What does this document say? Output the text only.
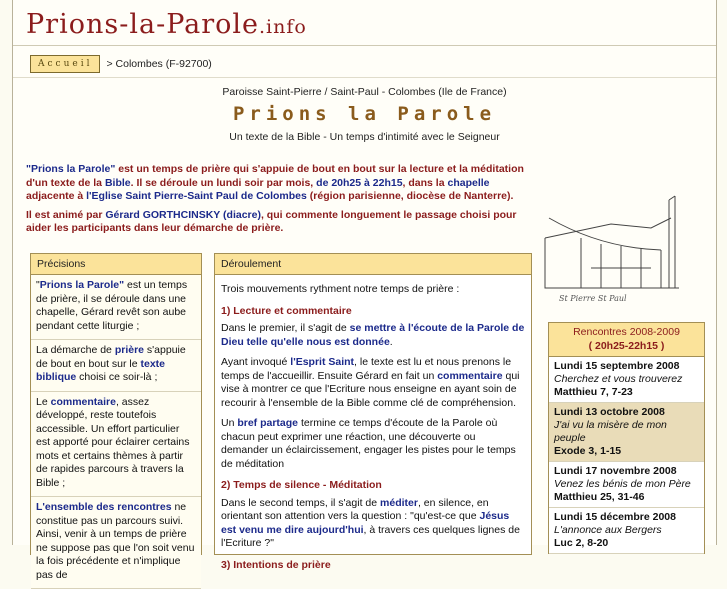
Prions-la-Parole.info
Accueil	> Colombes (F-92700)
Paroisse Saint-Pierre / Saint-Paul - Colombes (Ile de France)
Prions la Parole
Un texte de la Bible - Un temps d'intimité avec le Seigneur

"Prions la Parole" est un temps de prière qui s'appuie de bout en bout sur la lecture et la méditation d'un texte de la Bible. Il se déroule un lundi soir par mois, de 20h25 à 22h15, dans la chapelle adjacente à l'Eglise Saint Pierre-Saint Paul de Colombes (région parisienne, diocèse de Nanterre).

Il est animé par Gérard GORTHCINSKY (diacre), qui commente longuement le passage choisi pour aider les participants dans leur démarche de prière.

St Pierre St Paul
Précisions
"Prions la Parole" est un temps de prière, il se déroule dans une chapelle, Gérard revêt son aube pendant cette liturgie ;
La démarche de prière s'appuie de bout en bout sur le texte biblique choisi ce soir-là ;
Le commentaire, assez développé, reste toutefois accessible. Un effort particulier est apporté pour éclairer certains mots et certains thèmes à partir de rapides parcours à travers la Bible ;
L'ensemble des rencontres ne constitue pas un parcours suivi. Ainsi, venir à un temps de prière ne suppose pas que l'on soit venu la fois précédente et n'implique pas de
Déroulement

Trois mouvements rythment notre temps de prière :

1) Lecture et commentaire

Dans le premier, il s'agit de se mettre à l'écoute de la Parole de Dieu telle qu'elle nous est donnée.

Ayant invoqué l'Esprit Saint, le texte est lu et nous prenons le temps de l'accueillir. Ensuite Gérard en fait un commentaire qui vise à montrer ce que l'Ecriture nous enseigne en ayant soin de recourir à l'ensemble de la Bible comme clé de compréhension.

Un bref partage termine ce temps d'écoute de la Parole où chacun peut exprimer une réaction, une découverte ou demander un éclaircissement, engager les pistes pour le temps de méditation

2) Temps de silence - Méditation

Dans le second temps, il s'agit de méditer, en silence, en orientant son attention vers la question : "qu'est-ce que Jésus est venu me dire aujourd'hui, à travers ces quelques lignes de l'Ecriture ?"

3) Intentions de prière
Rencontres 2008-2009
( 20h25-22h15 )
Lundi 15 septembre 2008
Cherchez et vous trouverez
Matthieu 7, 7-23
Lundi 13 octobre 2008
J'ai vu la misère de mon peuple
Exode 3, 1-15
Lundi 17 novembre 2008
Venez les bénis de mon Père
Matthieu 25, 31-46
Lundi 15 décembre 2008
L'annonce aux Bergers
Luc 2, 8-20
